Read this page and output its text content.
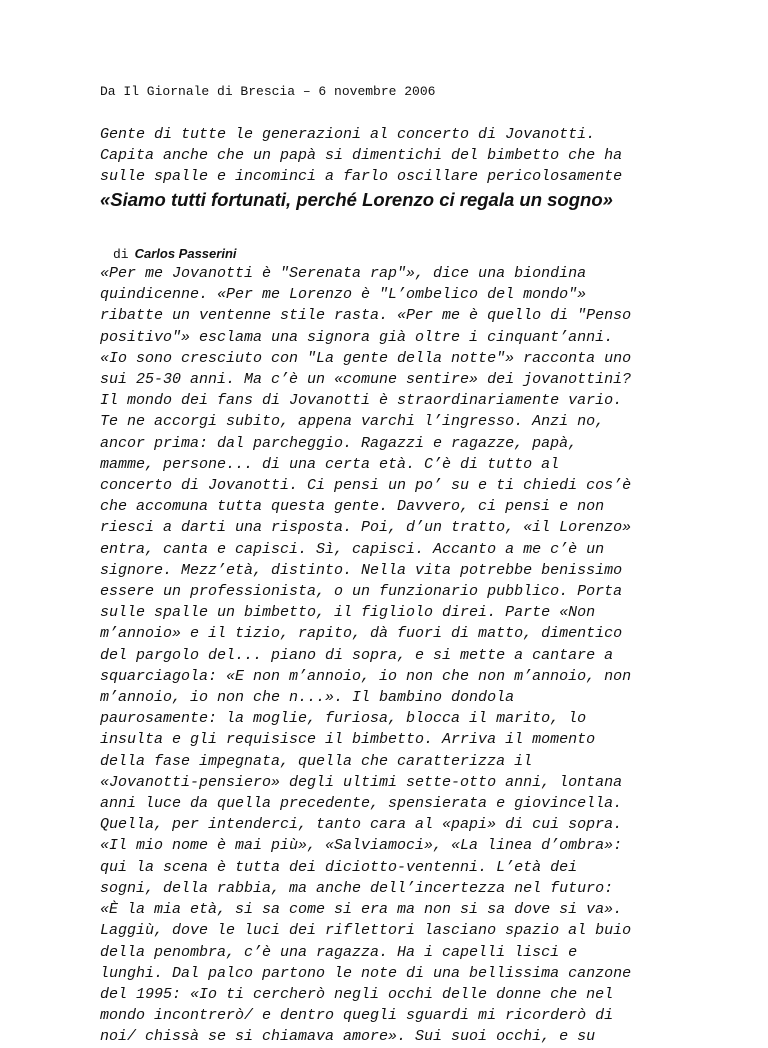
Da Il Giornale di Brescia – 6 novembre 2006
Gente di tutte le generazioni al concerto di Jovanotti.
Capita anche che un papà si dimentichi del bimbetto che ha
sulle spalle e incominci a farlo oscillare pericolosamente
«Siamo tutti fortunati, perché Lorenzo ci regala un sogno»

di Carlos Passerini

«Per me Jovanotti è "Serenata rap"», dice una biondina
quindicenne. «Per me Lorenzo è "L’ombelico del mondo"»
ribatte un ventenne stile rasta. «Per me è quello di "Penso
positivo"» esclama una signora già oltre i cinquant’anni.
«Io sono cresciuto con "La gente della notte"» racconta uno
sui 25-30 anni. Ma c’è un «comune sentire» dei jovanottini?
Il mondo dei fans di Jovanotti è straordinariamente vario.
Te ne accorgi subito, appena varchi l’ingresso. Anzi no,
ancor prima: dal parcheggio. Ragazzi e ragazze, papà,
mamme, persone... di una certa età. C’è di tutto al
concerto di Jovanotti. Ci pensi un po’ su e ti chiedi cos’è
che accomuna tutta questa gente. Davvero, ci pensi e non
riesci a darti una risposta. Poi, d’un tratto, «il Lorenzo»
entra, canta e capisci. Sì, capisci. Accanto a me c’è un
signore. Mezz’età, distinto. Nella vita potrebbe benissimo
essere un professionista, o un funzionario pubblico. Porta
sulle spalle un bimbetto, il figliolo direi. Parte «Non
m’annoio» e il tizio, rapito, dà fuori di matto, dimentico
del pargolo del... piano di sopra, e si mette a cantare a
squarciagola: «E non m’annoio, io non che non m’annoio, non
m’annoio, io non che n...». Il bambino dondola
paurosamente: la moglie, furiosa, blocca il marito, lo
insulta e gli requisisce il bimbetto. Arriva il momento
della fase impegnata, quella che caratterizza il
«Jovanotti-pensiero» degli ultimi sette-otto anni, lontana
anni luce da quella precedente, spensierata e giovincella.
Quella, per intenderci, tanto cara al «papi» di cui sopra.
«Il mio nome è mai più», «Salviamoci», «La linea d’ombra»:
qui la scena è tutta dei diciotto-ventenni. L’età dei
sogni, della rabbia, ma anche dell’incertezza nel futuro:
«È la mia età, si sa come si era ma non si sa dove si va».
Laggiù, dove le luci dei riflettori lasciano spazio al buio
della penombra, c’è una ragazza. Ha i capelli lisci e
lunghi. Dal palco partono le note di una bellissima canzone
del 1995: «Io ti cercherò negli occhi delle donne che nel
mondo incontrerò/ e dentro quegli sguardi mi ricorderò di
noi/ chissà se si chiamava amore». Sui suoi occhi, e su
